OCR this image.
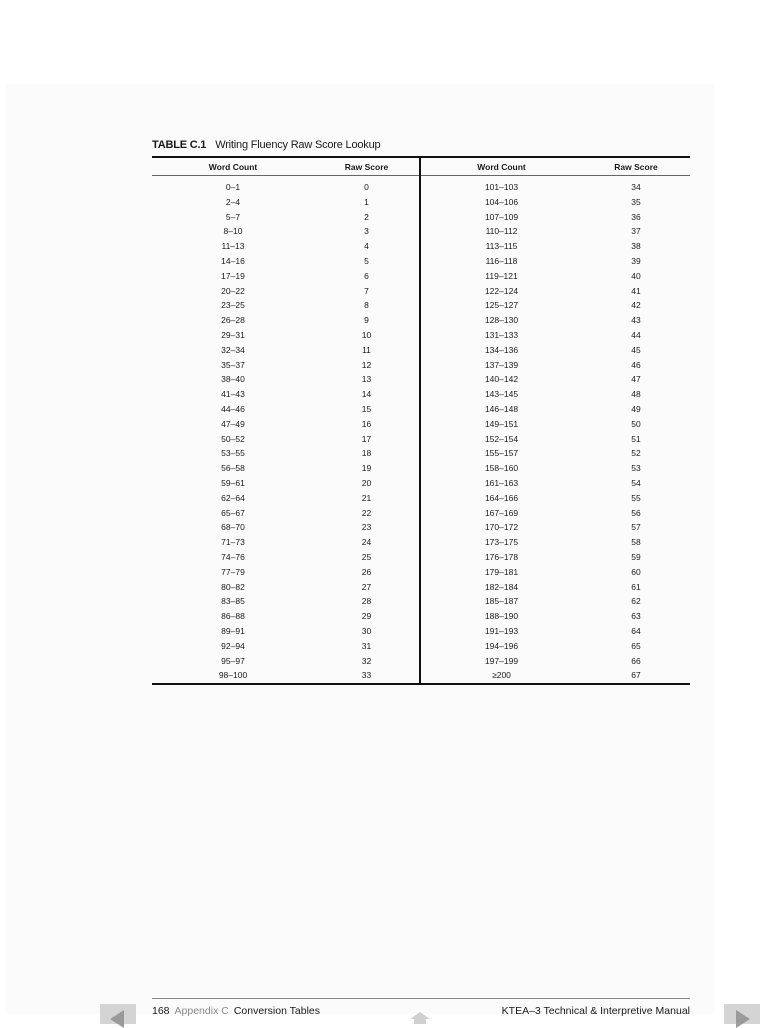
TABLE C.1 Writing Fluency Raw Score Lookup
Word Count	Raw Score	Word Count	Raw Score

0–1	0	101–103	34
2–4	1	104–106	35
5–7	2	107–109	36
8–10	3	110–112	37
11–13	4	113–115	38
14–16	5	116–118	39
17–19	6	119–121	40
20–22	7	122–124	41
23–25	8	125–127	42
26–28	9	128–130	43
29–31	10	131–133	44
32–34	11	134–136	45
35–37	12	137–139	46
38–40	13	140–142	47
41–43	14	143–145	48
44–46	15	146–148	49
47–49	16	149–151	50
50–52	17	152–154	51
53–55	18	155–157	52
56–58	19	158–160	53
59–61	20	161–163	54
62–64	21	164–166	55
65–67	22	167–169	56
68–70	23	170–172	57
71–73	24	173–175	58
74–76	25	176–178	59
77–79	26	179–181	60
80–82	27	182–184	61
83–85	28	185–187	62
86–88	29	188–190	63
89–91	30	191–193	64
92–94	31	194–196	65
95–97	32	197–199	66
98–100	33	≥200	67
168 Appendix C Conversion Tables	KTEA–3 Technical & Interpretive Manual
